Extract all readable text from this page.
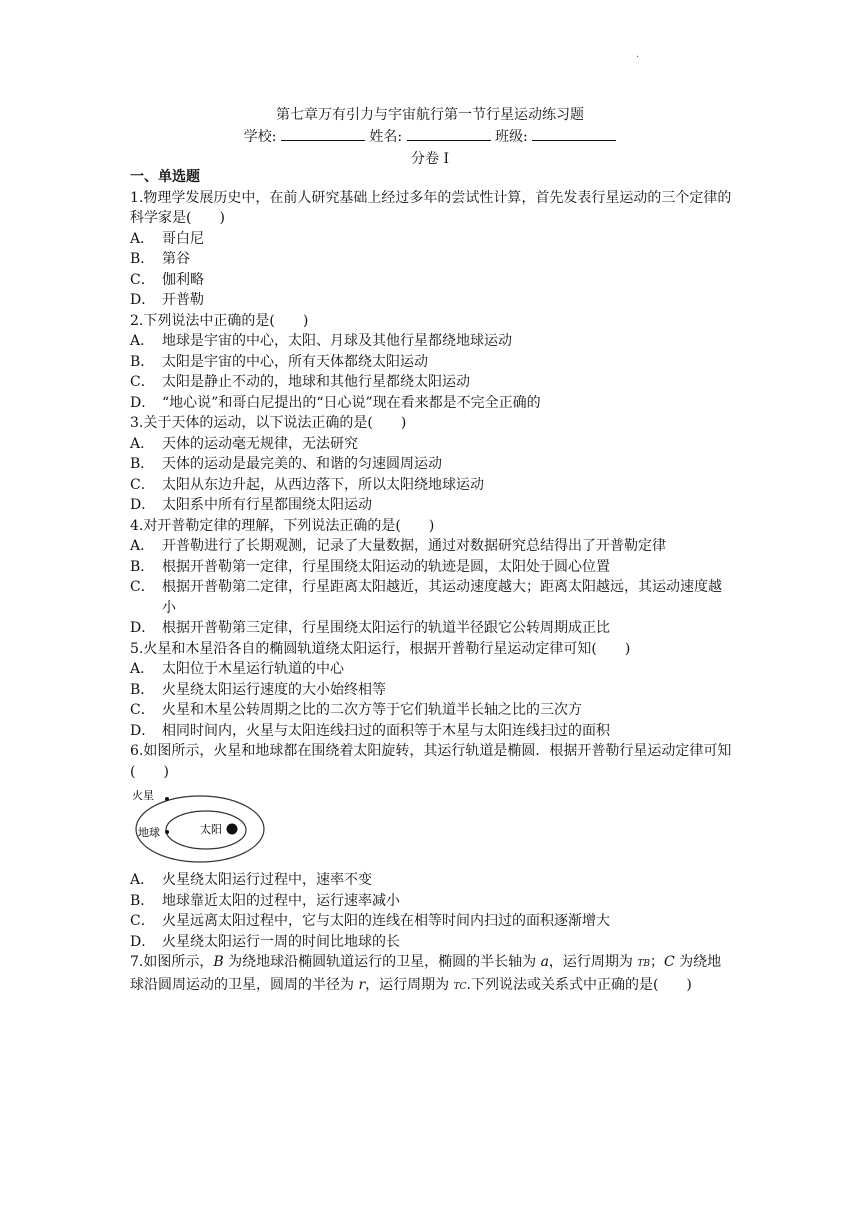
·
第七章万有引力与宇宙航行第一节行星运动练习题
学校:	姓名:	班级:
分卷 I
一、单选题

1.物理学发展历史中，在前人研究基础上经过多年的尝试性计算，首先发表行星运动的三个定律的科学家是(　　)

A． 哥白尼
B． 第谷
C． 伽利略
D． 开普勒

2.下列说法中正确的是(　　)

A． 地球是宇宙的中心，太阳、月球及其他行星都绕地球运动
B． 太阳是宇宙的中心，所有天体都绕太阳运动
C． 太阳是静止不动的，地球和其他行星都绕太阳运动
D． “地心说”和哥白尼提出的“日心说”现在看来都是不完全正确的

3.关于天体的运动，以下说法正确的是(　　)

A． 天体的运动毫无规律，无法研究
B． 天体的运动是最完美的、和谐的匀速圆周运动
C． 太阳从东边升起，从西边落下，所以太阳绕地球运动
D． 太阳系中所有行星都围绕太阳运动

4.对开普勒定律的理解，下列说法正确的是(　　)

A． 开普勒进行了长期观测，记录了大量数据，通过对数据研究总结得出了开普勒定律
B． 根据开普勒第一定律，行星围绕太阳运动的轨迹是圆，太阳处于圆心位置
C． 根据开普勒第二定律，行星距离太阳越近，其运动速度越大；距离太阳越远，其运动速度越小
D． 根据开普勒第三定律，行星围绕太阳运行的轨道半径跟它公转周期成正比

5.火星和木星沿各自的椭圆轨道绕太阳运行，根据开普勒行星运动定律可知(　　)

A． 太阳位于木星运行轨道的中心
B． 火星绕太阳运行速度的大小始终相等
C． 火星和木星公转周期之比的二次方等于它们轨道半长轴之比的三次方
D． 相同时间内，火星与太阳连线扫过的面积等于木星与太阳连线扫过的面积

6.如图所示，火星和地球都在围绕着太阳旋转，其运行轨道是椭圆．根据开普勒行星运动定律可知(　　)

火星
地球	太阳
A． 火星绕太阳运行过程中，速率不变
B． 地球靠近太阳的过程中，运行速率减小
C． 火星远离太阳过程中，它与太阳的连线在相等时间内扫过的面积逐渐增大
D． 火星绕太阳运行一周的时间比地球的长

7.如图所示，B 为绕地球沿椭圆轨道运行的卫星，椭圆的半长轴为 a，运行周期为 TB；C 为绕地球沿圆周运动的卫星，圆周的半径为 r，运行周期为 TC.下列说法或关系式中正确的是(　　)
